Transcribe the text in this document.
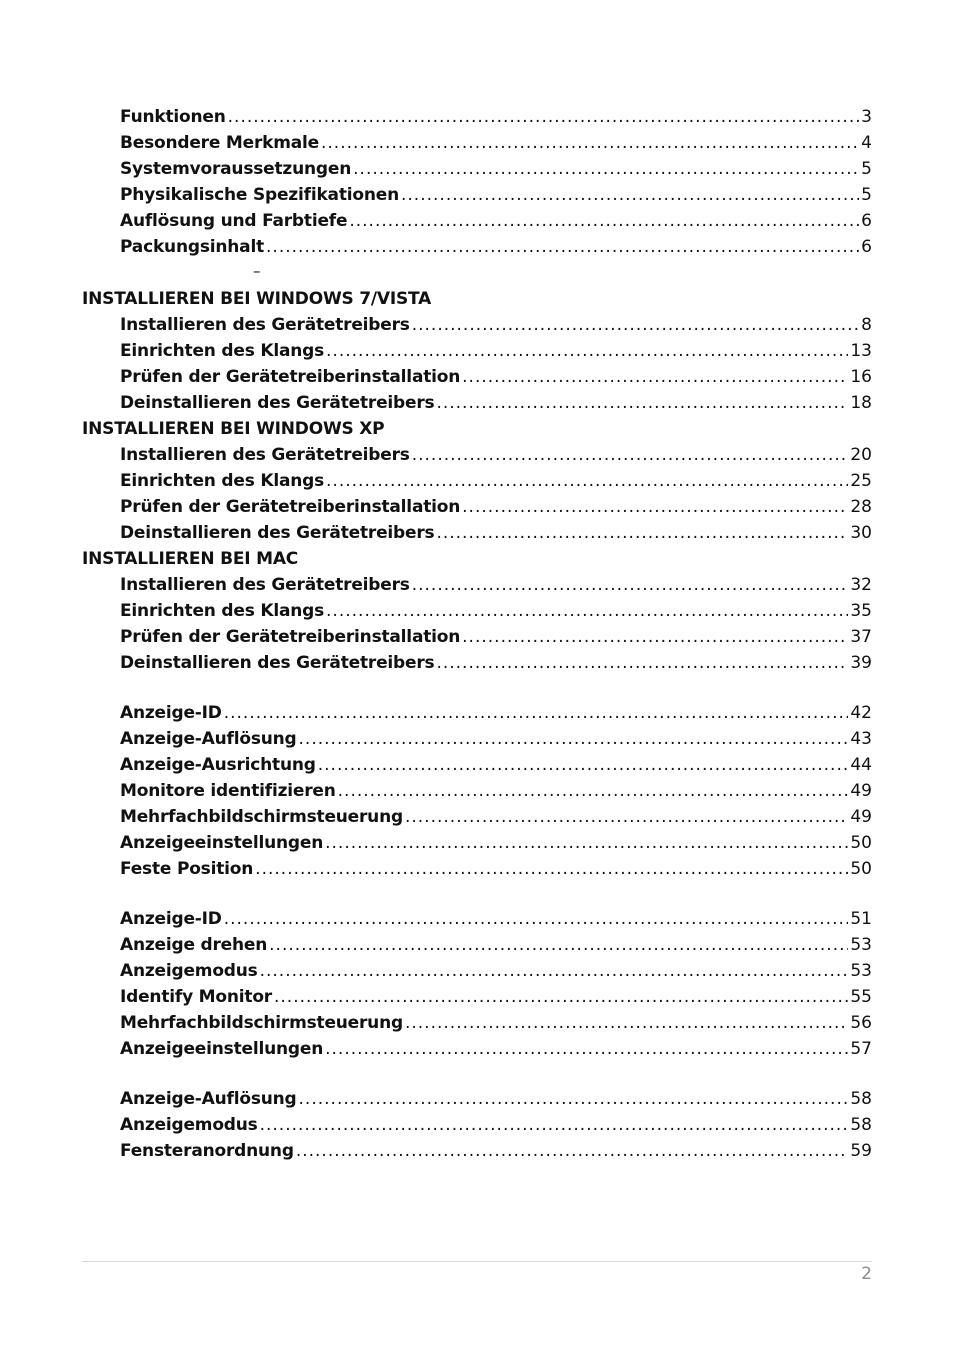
Funktionen .....	3
Besondere Merkmale .....	4
Systemvoraussetzungen .....	5
Physikalische Spezifikationen .....	5
Auflösung und Farbtiefe .....	6
Packungsinhalt .....	6
–
INSTALLIEREN BEI WINDOWS 7/VISTA
Installieren des Gerätetreibers .....	8
Einrichten des Klangs .....	13
Prüfen der Gerätetreiberinstallation .....	16
Deinstallieren des Gerätetreibers .....	18
INSTALLIEREN BEI WINDOWS XP
Installieren des Gerätetreibers .....	20
Einrichten des Klangs .....	25
Prüfen der Gerätetreiberinstallation .....	28
Deinstallieren des Gerätetreibers .....	30
INSTALLIEREN BEI MAC
Installieren des Gerätetreibers .....	32
Einrichten des Klangs .....	35
Prüfen der Gerätetreiberinstallation .....	37
Deinstallieren des Gerätetreibers .....	39
Anzeige-ID .....	42
Anzeige-Auflösung .....	43
Anzeige-Ausrichtung .....	44
Monitore identifizieren .....	49
Mehrfachbildschirmsteuerung .....	49
Anzeigeeinstellungen .....	50
Feste Position .....	50
Anzeige-ID .....	51
Anzeige drehen .....	53
Anzeigemodus .....	53
Identify Monitor .....	55
Mehrfachbildschirmsteuerung .....	56
Anzeigeeinstellungen .....	57
Anzeige-Auflösung .....	58
Anzeigemodus .....	58
Fensteranordnung .....	59
2
